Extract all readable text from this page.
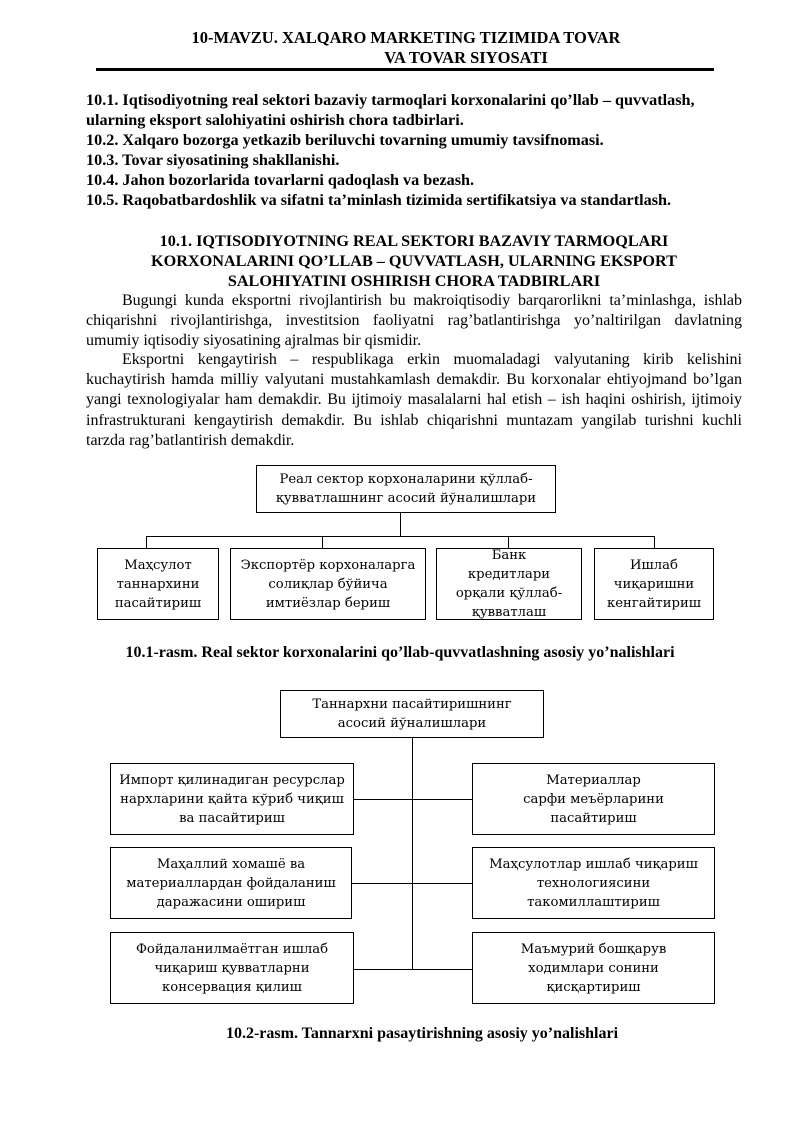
10-MAVZU. XALQARO MARKETING TIZIMIDA TOVAR
VA TOVAR SIYOSATI
10.1. Iqtisodiyotning real sektori bazaviy tarmoqlari korxonalarini qo’llab – quvvatlash, ularning eksport salohiyatini oshirish chora tadbirlari.
10.2. Xalqaro bozorga yetkazib beriluvchi tovarning umumiy tavsifnomasi.
10.3. Tovar siyosatining shakllanishi.
10.4. Jahon bozorlarida tovarlarni qadoqlash va bezash.
10.5. Raqobatbardoshlik va sifatni ta’minlash tizimida sertifikatsiya va standartlash.
10.1. IQTISODIYOTNING REAL SEKTORI BAZAVIY TARMOQLARI KORXONALARINI QO’LLAB – QUVVATLASH, ULARNING EKSPORT SALOHIYATINI OSHIRISH CHORA TADBIRLARI
Bugungi kunda eksportni rivojlantirish bu makroiqtisodiy barqarorlikni ta’minlashga, ishlab chiqarishni rivojlantirishga, investitsion faoliyatni rag’batlantirishga yo’naltirilgan davlatning umumiy iqtisodiy siyosatining ajralmas bir qismidir.
Eksportni kengaytirish – respublikaga erkin muomaladagi valyutaning kirib kelishini kuchaytirish hamda milliy valyutani mustahkamlash demakdir. Bu korxonalar ehtiyojmand bo’lgan yangi texnologiyalar ham demakdir. Bu ijtimoiy masalalarni hal etish – ish haqini oshirish, ijtimoiy infrastrukturani kengaytirish demakdir. Bu ishlab chiqarishni muntazam yangilab turishni kuchli tarzda rag’batlantirish demakdir.
Реал сектор корхоналарини қўллаб-қувватлашнинг асосий йўналишлари
Маҳсулот таннархини пасайтириш
Экспортёр корхоналарга солиқлар бўйича имтиёзлар бериш
Банк кредитлари орқали қўллаб-қувватлаш
Ишлаб чиқаришни кенгайтириш
10.1-rasm. Real sektor korxonalarini qo’llab-quvvatlashning asosiy yo’nalishlari
Таннархни пасайтиришнинг асосий йўналишлари
Импорт қилинадиган ресурслар нархларини қайта кўриб чиқиш ва пасайтириш
Маҳаллий хомашё ва материаллардан фойдаланиш даражасини ошириш
Фойдаланилмаётган ишлаб чиқариш қувватларни консервация қилиш
Материаллар сарфи меъёрларини пасайтириш
Маҳсулотлар ишлаб чиқариш технологиясини такомиллаштириш
Маъмурий бошқарув ходимлари сонини қисқартириш
10.2-rasm. Tannarxni pasaytirishning asosiy yo’nalishlari
